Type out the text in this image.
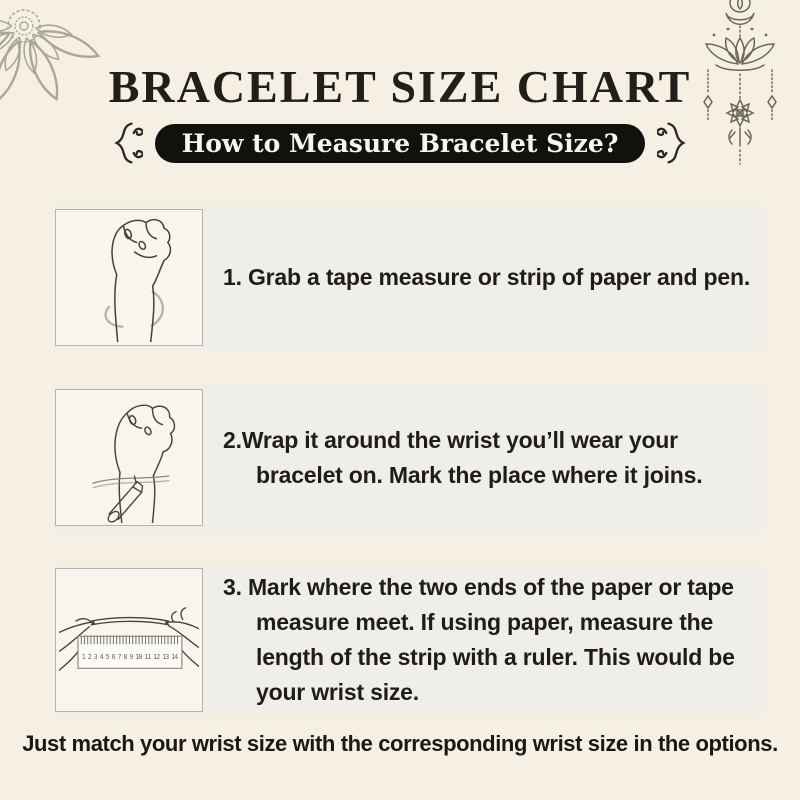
BRACELET SIZE CHART
How to Measure Bracelet Size?
1. Grab a tape measure or strip of paper and pen.
2.Wrap it around the wrist you’ll wear your bracelet on. Mark the place where it joins.
1 2 3 4 5 6 7 8 9 10 11 12 13 14
3. Mark where the two ends of the paper or tape measure meet. If using paper, measure the length of the strip with a ruler. This would be your wrist size.
Just match your wrist size with the corresponding wrist size in the options.
